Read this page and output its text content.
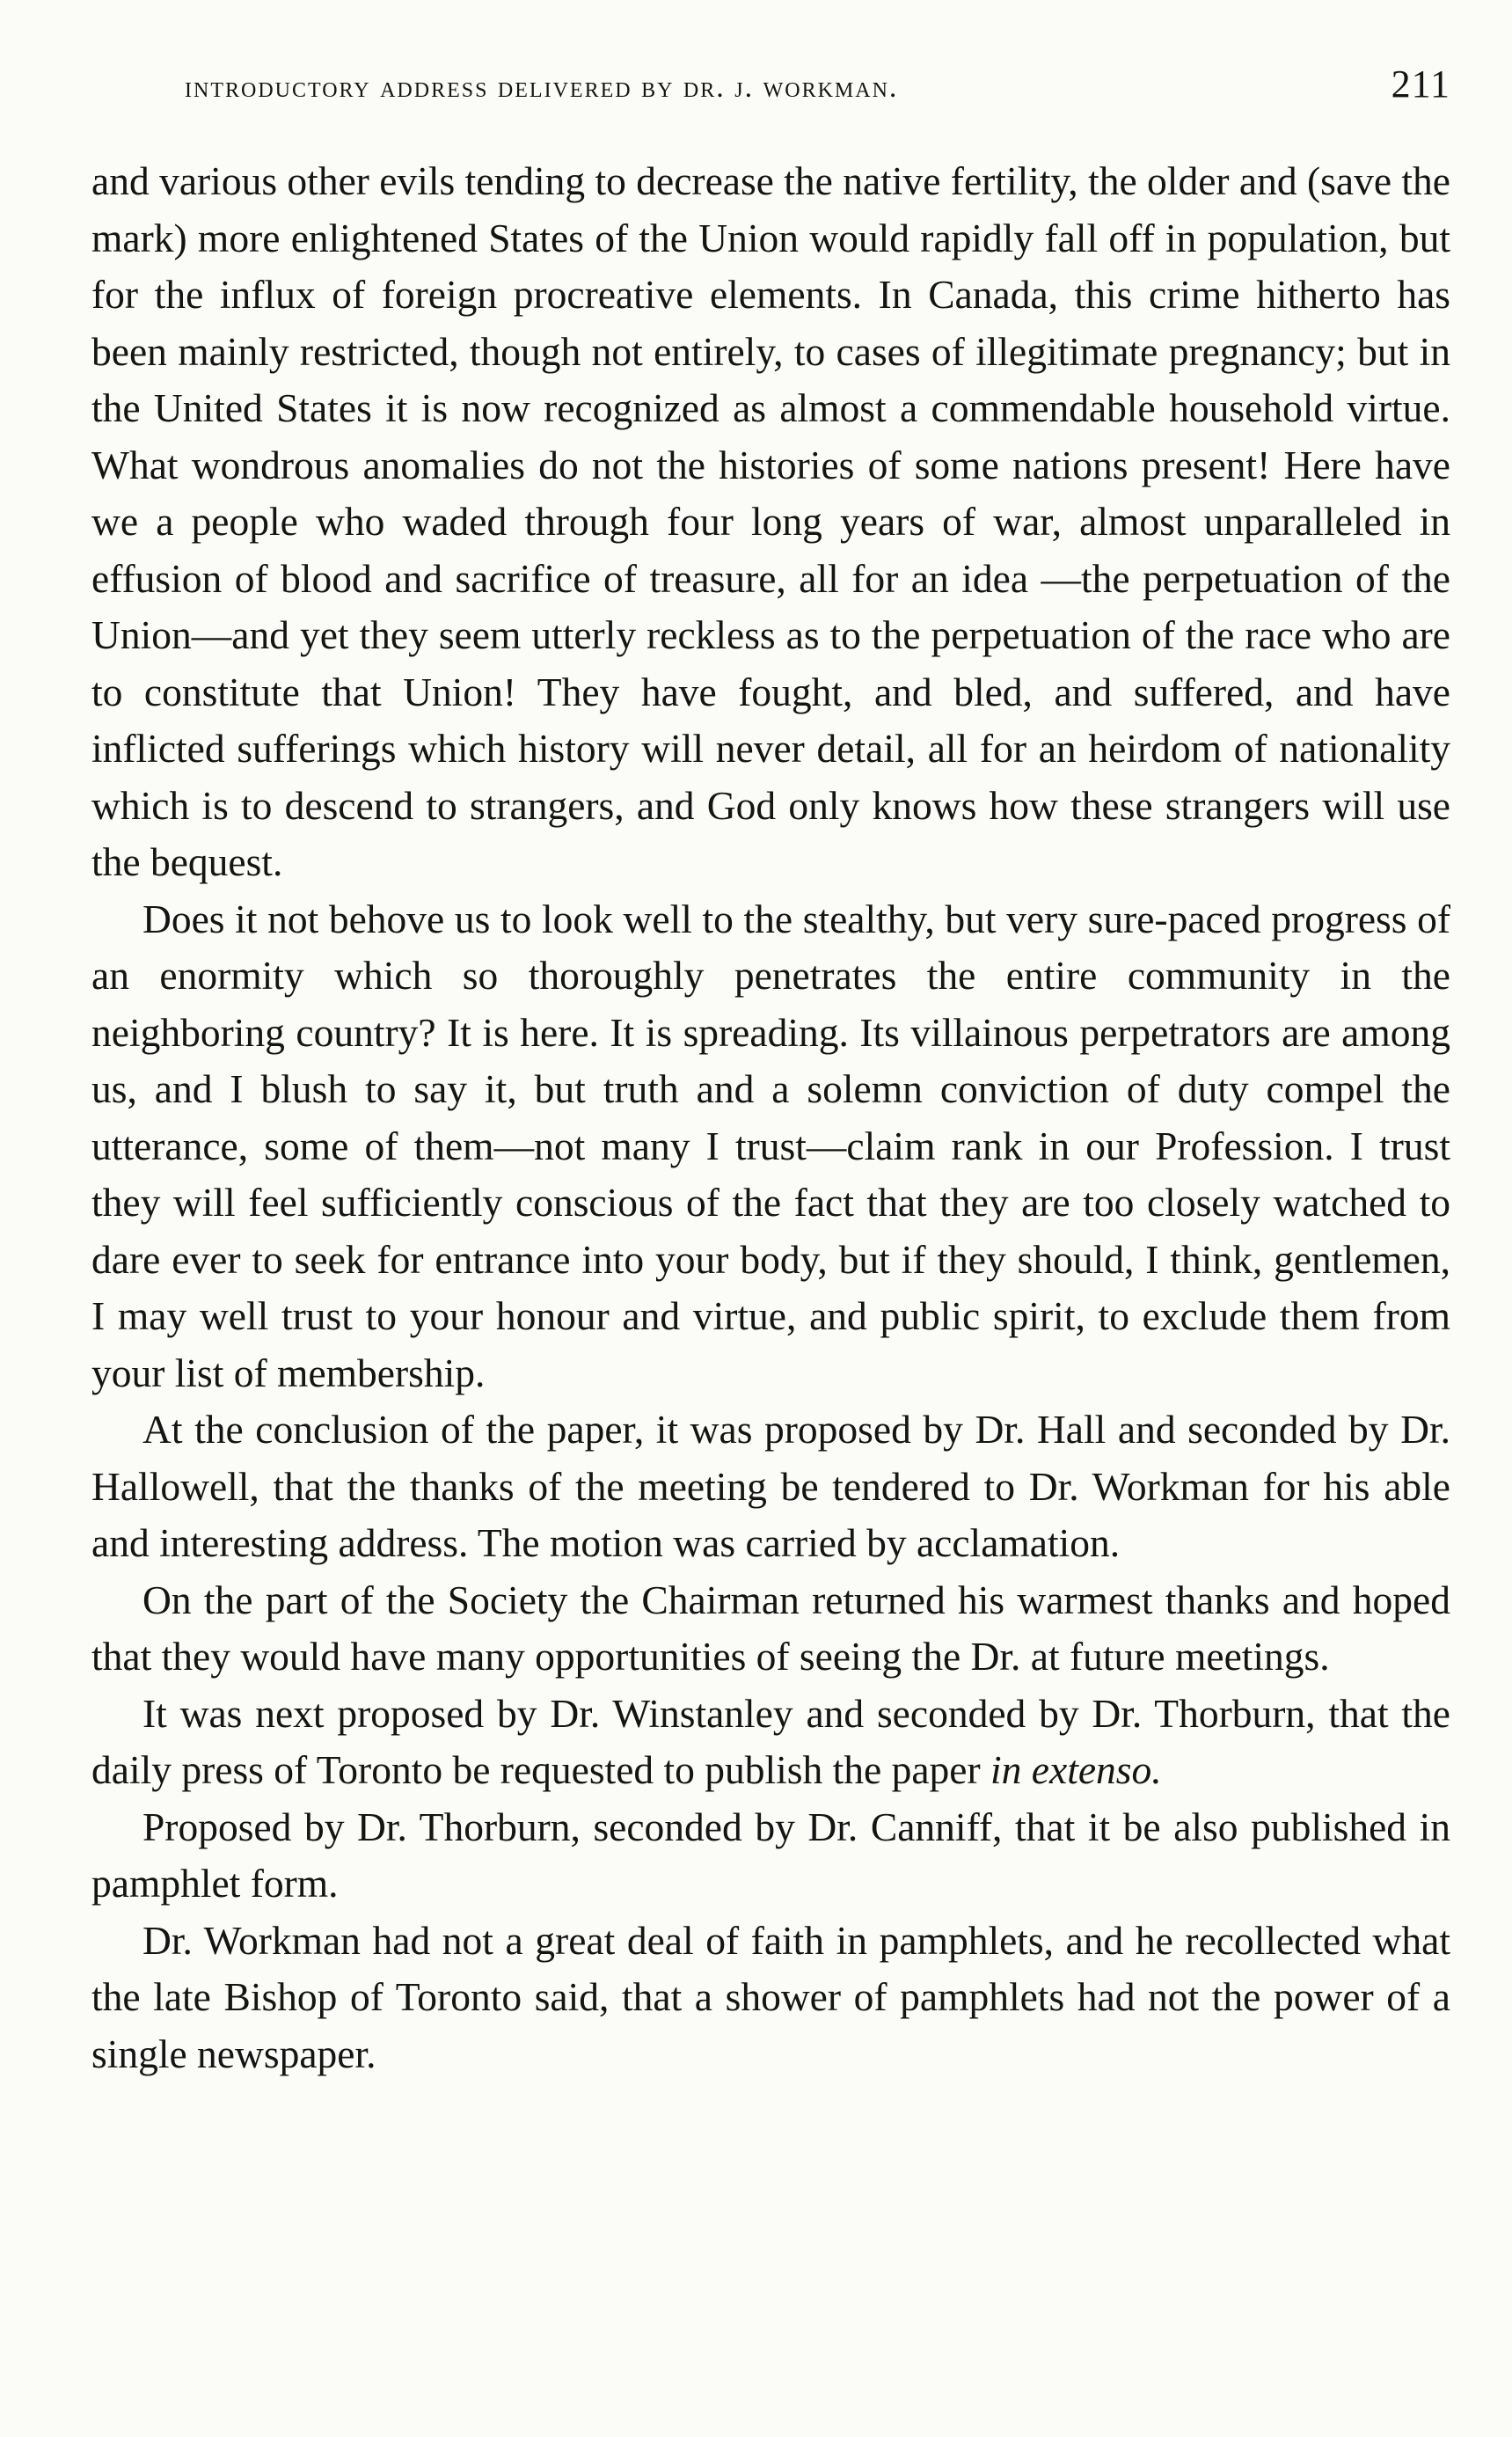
introductory address delivered by dr. j. workman.	211

and various other evils tending to decrease the native fertility, the older and (save the mark) more enlightened States of the Union would rapidly fall off in population, but for the influx of foreign procreative elements. In Canada, this crime hitherto has been mainly restricted, though not entirely, to cases of illegitimate pregnancy; but in the United States it is now recognized as almost a commendable household virtue. What wondrous anomalies do not the histories of some nations present! Here have we a people who waded through four long years of war, almost unparalleled in effusion of blood and sacrifice of treasure, all for an idea —the perpetuation of the Union—and yet they seem utterly reckless as to the perpetuation of the race who are to constitute that Union! They have fought, and bled, and suffered, and have inflicted sufferings which history will never detail, all for an heirdom of nationality which is to descend to strangers, and God only knows how these strangers will use the bequest.

Does it not behove us to look well to the stealthy, but very sure-paced progress of an enormity which so thoroughly penetrates the entire community in the neighboring country? It is here. It is spreading. Its villainous perpetrators are among us, and I blush to say it, but truth and a solemn conviction of duty compel the utterance, some of them—not many I trust—claim rank in our Profession. I trust they will feel sufficiently conscious of the fact that they are too closely watched to dare ever to seek for entrance into your body, but if they should, I think, gentlemen, I may well trust to your honour and virtue, and public spirit, to exclude them from your list of membership.

At the conclusion of the paper, it was proposed by Dr. Hall and seconded by Dr. Hallowell, that the thanks of the meeting be tendered to Dr. Workman for his able and interesting address. The motion was carried by acclamation.

On the part of the Society the Chairman returned his warmest thanks and hoped that they would have many opportunities of seeing the Dr. at future meetings.

It was next proposed by Dr. Winstanley and seconded by Dr. Thorburn, that the daily press of Toronto be requested to publish the paper in extenso.

Proposed by Dr. Thorburn, seconded by Dr. Canniff, that it be also published in pamphlet form.

Dr. Workman had not a great deal of faith in pamphlets, and he recollected what the late Bishop of Toronto said, that a shower of pamphlets had not the power of a single newspaper.
